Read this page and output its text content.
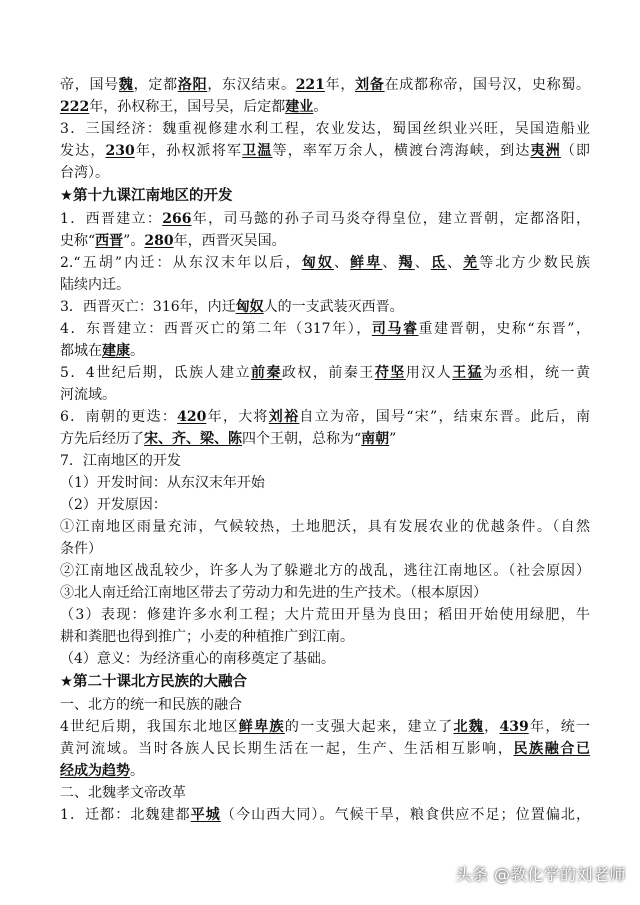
帝，国号魏，定都洛阳，东汉结束。221年，刘备在成都称帝，国号汉，史称蜀。
222年，孙权称王，国号吴，后定都建业。
3．三国经济：魏重视修建水利工程，农业发达，蜀国丝织业兴旺，吴国造船业
发达，230年，孙权派将军卫温等，率军万余人，横渡台湾海峡，到达夷洲（即
台湾）。
★第十九课江南地区的开发
1．西晋建立：266年，司马懿的孙子司马炎夺得皇位，建立晋朝，定都洛阳，
史称“西晋”。280年，西晋灭吴国。
2.“五胡”内迁：从东汉末年以后，匈奴、鲜卑、羯、氐、羌等北方少数民族
陆续内迁。
3．西晋灭亡：316年，内迁匈奴人的一支武装灭西晋。
4．东晋建立：西晋灭亡的第二年（317年），司马睿重建晋朝，史称“东晋”，
都城在建康。
5．4世纪后期，氐族人建立前秦政权，前秦王苻坚用汉人王猛为丞相，统一黄
河流域。
6．南朝的更迭：420年，大将刘裕自立为帝，国号“宋”，结束东晋。此后，南
方先后经历了宋、齐、梁、陈四个王朝，总称为“南朝”
7．江南地区的开发
（1）开发时间：从东汉末年开始
（2）开发原因：
①江南地区雨量充沛，气候较热，土地肥沃，具有发展农业的优越条件。（自然
条件）
②江南地区战乱较少，许多人为了躲避北方的战乱，逃往江南地区。（社会原因）
③北人南迁给江南地区带去了劳动力和先进的生产技术。（根本原因）
（3）表现：修建许多水利工程；大片荒田开垦为良田；稻田开始使用绿肥，牛
耕和粪肥也得到推广；小麦的种植推广到江南。
（4）意义：为经济重心的南移奠定了基础。
★第二十课北方民族的大融合
一、北方的统一和民族的融合
4世纪后期，我国东北地区鲜卑族的一支强大起来，建立了北魏，439年，统一
黄河流域。当时各族人民长期生活在一起，生产、生活相互影响，民族融合已
经成为趋势。
二、北魏孝文帝改革
1．迁都：北魏建都平城（今山西大同）。气候干旱，粮食供应不足；位置偏北，
头条 @教化学的刘老师
